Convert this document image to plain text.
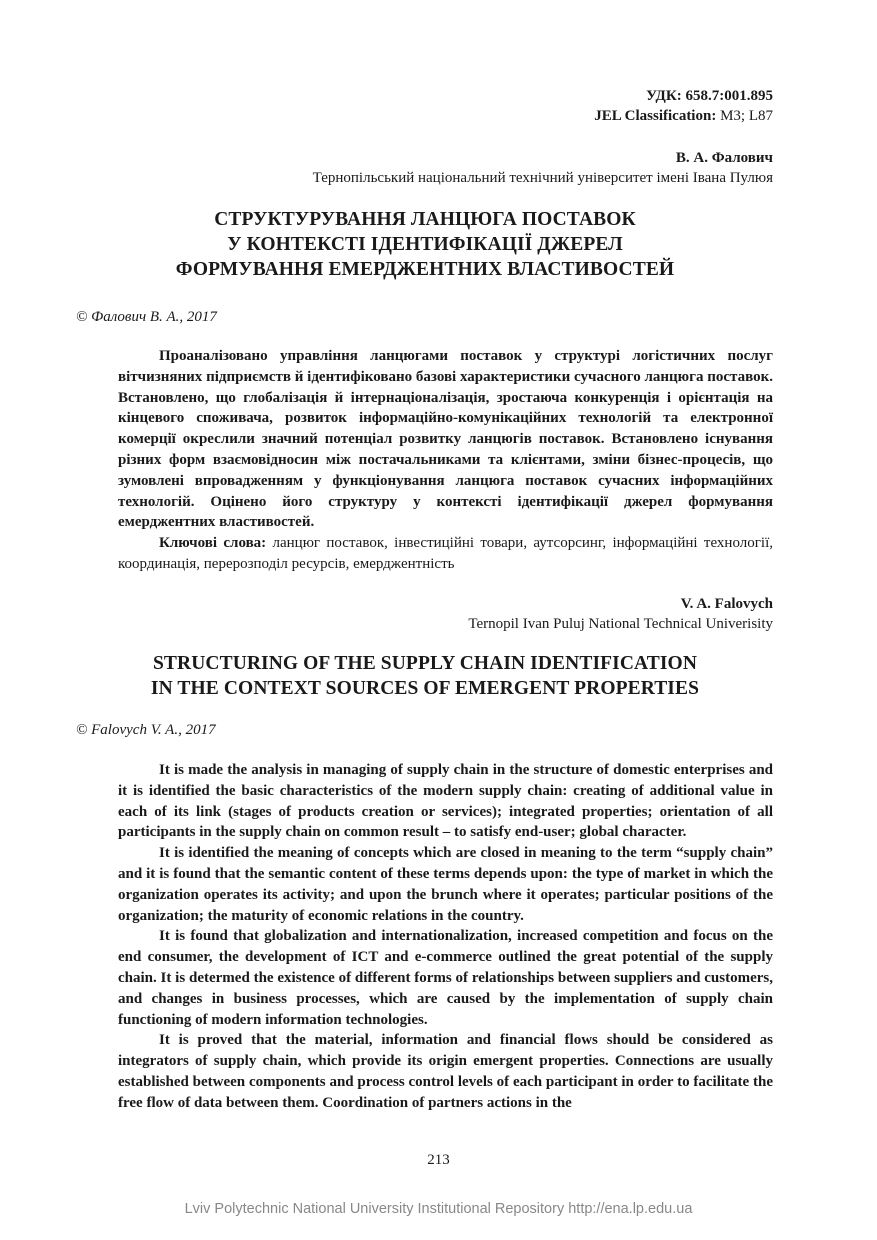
УДК: 658.7:001.895
JEL Classification: M3; L87
В. А. Фалович
Тернопільський національний технічний університет імені Івана Пулюя
СТРУКТУРУВАННЯ ЛАНЦЮГА ПОСТАВОК
У КОНТЕКСТІ ІДЕНТИФІКАЦІЇ ДЖЕРЕЛ
ФОРМУВАННЯ ЕМЕРДЖЕНТНИХ ВЛАСТИВОСТЕЙ
© Фалович В. А., 2017

Проаналізовано управління ланцюгами поставок у структурі логістичних послуг вітчизняних підприємств й ідентифіковано базові характеристики сучасного ланцюга поставок. Встановлено, що глобалізація й інтернаціоналізація, зростаюча конкуренція і орієнтація на кінцевого споживача, розвиток інформаційно-комунікаційних технологій та електронної комерції окреслили значний потенціал розвитку ланцюгів поставок. Встановлено існування різних форм взаємовідносин між постачальниками та клієнтами, зміни бізнес-процесів, що зумовлені впровадженням у функціонування ланцюга поставок сучасних інформаційних технологій. Оцінено його структуру у контексті ідентифікації джерел формування емерджентних властивостей.

Ключові слова: ланцюг поставок, інвестиційні товари, аутсорсинг, інформаційні технології, координація, перерозподіл ресурсів, емерджентність

V. A. Falovych
Ternopil Ivan Puluj National Technical Univerisity
STRUCTURING OF THE SUPPLY CHAIN IDENTIFICATION
IN THE CONTEXT SOURCES OF EMERGENT PROPERTIES
© Falovych V. A., 2017

It is made the analysis in managing of supply chain in the structure of domestic enterprises and it is identified the basic characteristics of the modern supply chain: creating of additional value in each of its link (stages of products creation or services); integrated properties; orientation of all participants in the supply chain on common result – to satisfy end-user; global character.

It is identified the meaning of concepts which are closed in meaning to the term “supply chain” and it is found that the semantic content of these terms depends upon: the type of market in which the organization operates its activity; and upon the brunch where it operates; particular positions of the organization; the maturity of economic relations in the country.

It is found that globalization and internationalization, increased competition and focus on the end consumer, the development of ICT and e-commerce outlined the great potential of the supply chain. It is determed the existence of different forms of relationships between suppliers and customers, and changes in business processes, which are caused by the implementation of supply chain functioning of modern information technologies.

It is proved that the material, information and financial flows should be considered as integrators of supply chain, which provide its origin emergent properties. Connections are usually established between components and process control levels of each participant in order to facilitate the free flow of data between them. Coordination of partners actions in the

213
Lviv Polytechnic National University Institutional Repository http://ena.lp.edu.ua
